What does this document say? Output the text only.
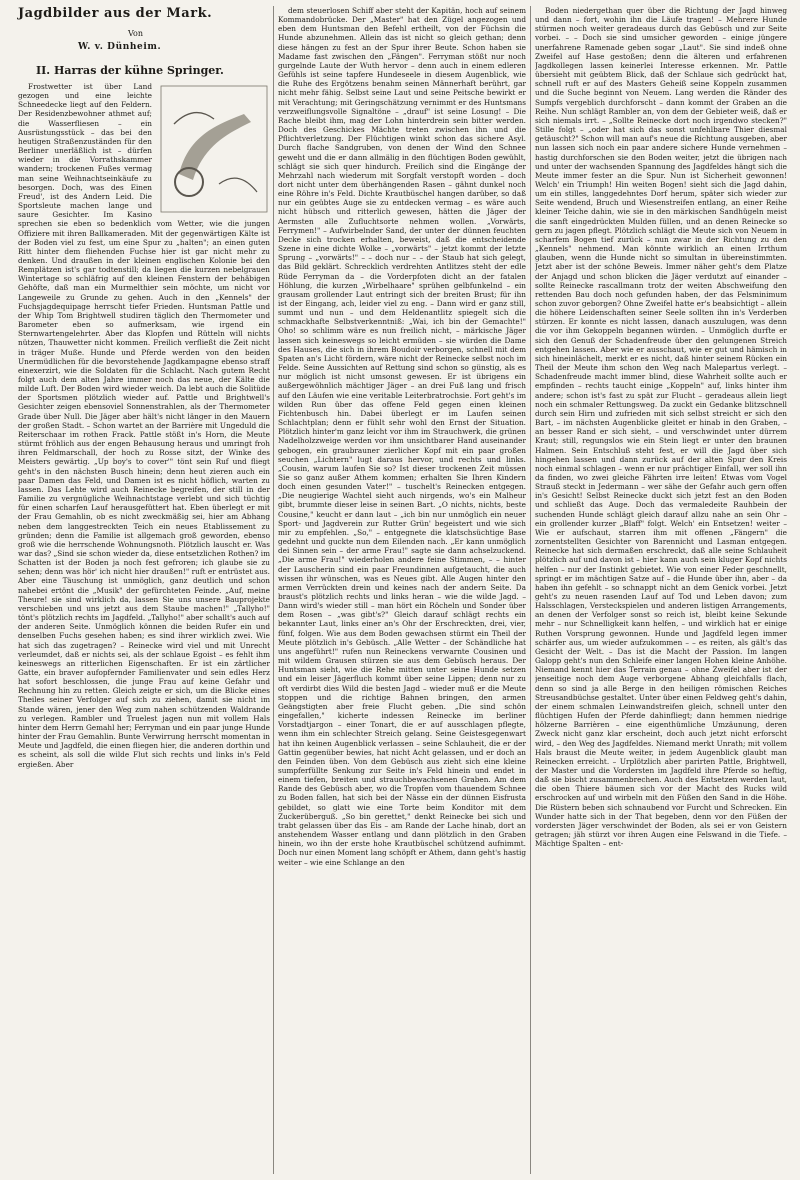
Jagdbilder aus der Mark.
Von
W. v. Dünheim.
II. Harras der kühne Springer.

Frostwetter ist über Land gezogen und eine leichte Schneedecke liegt auf den Feldern. Der Residenzbewohner athmet auf; die Wasserfliesen – ein Ausrüstungsstück – das bei den heutigen Straßenzuständen für den Berliner unerläßlich ist – dürfen wieder in die Vorrathskammer wandern; trockenen Fußes vermag man seine Weihnachtseinkäufe zu besorgen. Doch, was des Einen Freud', ist des Andern Leid. Die Sportsleute machen lange und saure Gesichter. Im Kasino sprechen sie eben so bedenklich vom Wetter, wie die jungen Offiziere mit ihren Ballkameraden. Mit der gegenwärtigen Kälte ist der Boden viel zu fest, um eine Spur zu „halten"; an einen guten Ritt hinter dem fliehenden Fuchse hier ist gar nicht mehr zu denken. Und draußen in der kleinen englischen Kolonie bei den Remplätzen ist's gar todtenstill; da liegen die kurzen nebelgrauen Wintertage so schläfrig auf den kleinen Fenstern der behäbigen Gehöfte, daß man ein Murmelthier sein möchte, um nicht vor Langeweile zu Grunde zu gehen. Auch in den „Kennels" der Fuchsjagdequipage herrscht tiefer Frieden. Huntsman Pattle und der Whip Tom Brightwell studiren täglich den Thermometer und Barometer eben so aufmerksam, wie irgend ein Sternwartengelehrter. Aber das Klopfen und Rütteln will nichts nützen, Thauwetter nicht kommen. Freilich verfließt die Zeit nicht in träger Muße. Hunde und Pferde werden von den beiden Unermüdlichen für die bevorstehende Jagdkampagne ebenso straff einexerzirt, wie die Soldaten für die Schlacht. Nach gutem Recht folgt auch dem alten Jahre immer noch das neue, der Kälte die milde Luft. Der Boden wird wieder weich. Da lebt auch die Solitüde der Sportsmen plötzlich wieder auf. Pattle und Brightwell's Gesichter zeigen ebensoviel Sonnenstrahlen, als der Thermometer Grade über Null. Die Jäger aber hält's nicht länger in den Mauern der großen Stadt. – Schon wartet an der Barrière mit Ungeduld die Reiterschaar im rothen Frack. Pattle stößt in's Horn, die Meute stürmt fröhlich aus der engen Behausung heraus und umringt froh ihren Feldmarschall, der hoch zu Rosse sitzt, der Winke des Meisters gewärtig. „Up boy's to cover'" tönt sein Ruf und fliegt geht's in den nächsten Busch hinein; denn heut zieren auch ein paar Damen das Feld, und Damen ist es nicht höflich, warten zu lassen. Das Lehte wird auch Reinecke begreifen, der still in der Familie zu vergnügliche Weihnachtstage verlebt und sich tüchtig für einen scharfen Lauf herausgefüttert hat. Eben überlegt er mit der Frau Gemahlin, ob es nicht zweckmäßig sei, hier am Abhang neben dem langgestreckten Teich ein neues Etablissement zu gründen; denn die Familie ist allgemach groß geworden, ebenso groß wie die herrschende Wohnungsnoth. Plötzlich lauscht er. Was war das? „Sind sie schon wieder da, diese entsetzlichen Rothen? im Schatten ist der Boden ja noch fest gefroren; ich glaube sie zu sehen; denn was hör' ich nicht hier draußen!" ruft er entrüstet aus. Aber eine Täuschung ist unmöglich, ganz deutlich und schon nahebei ertönt die „Musik" der gefürchteten Feinde. „Auf, meine Theure! sie sind wirklich da, lassen Sie uns unsere Bauprojekte verschieben und uns jetzt aus dem Staube machen!" „Tallyho!" tönt's plötzlich rechts im Jagdfeld. „Tallyho!" aber schallt's auch auf der anderen Seite. Unmöglich können die beiden Rufer ein und denselben Fuchs gesehen haben; es sind ihrer wirklich zwei. Wie hat sich das zugetragen? – Reinecke wird viel und mit Unrecht verleumdet, daß er nichts sei, als der schlaue Egoist – es fehlt ihm keineswegs an ritterlichen Eigenschaften. Er ist ein zärtlicher Gatte, ein braver aufopfernder Familienvater und sein edles Herz hat sofort beschlossen, die junge Frau auf keine Gefahr und Rechnung hin zu retten. Gleich zeigte er sich, um die Blicke eines Theiles seiner Verfolger auf sich zu ziehen, damit sie nicht im Stande wären, jener den Weg zum nahen schützenden Waldrande zu verlegen. Rambler und Truelest jagen nun mit vollem Hals hinter dem Herrn Gemahl her; Ferryman und ein paar junge Hunde hinter der Frau Gemahlin. Bunte Verwirrung herrscht momentan in Meute und Jagdfeld, die einen fliegen hier, die anderen dorthin und es scheint, als soll die wilde Flut sich rechts und links in's Feld ergießen. Aber

dem steuerlosen Schiff aber steht der Kapitän, hoch auf seinem Kommandobrücke. Der „Master" hat den Zügel angezogen und eben dem Huntsman den Befehl ertheilt, von der Füchsin die Hunde abzunehmen. Allein das ist nicht so gleich gethan; denn diese hängen zu fest an der Spur ihrer Beute. Schon haben sie Madame fast zwischen den „Fängen". Ferryman stößt nur noch gurgelnde Laute der Wuth hervor – denn auch in einem edleren Gefühls ist seine tapfere Hundeseele in diesem Augenblick, wie die Ruhe des Ergötzens benahm seinen Männerhaft berührt, gar nicht mehr fähig. Selbst seine Laut und seine Peitsche bewirkt er mit Verachtung; mit Geringschätzung vernimmt er des Huntsmans verzweiflungsvolle Signaltöne – „drauf" ist seine Losung! – Die Rache bleibt ihm, mag der Lohn hinterdrein sein bitter werden. Doch des Geschickes Mächte treten zwischen ihn und die Pflichtverletzung. Der Flüchtigen winkt schon das sichere Asyl. Durch flache Sandgruben, von denen der Wind den Schnee geweht und die er dann allmälig in den flüchtigen Boden gewühlt, schlägt sie sich quer hindurch. Freilich sind die Eingänge der Mehrzahl nach wiederum mit Sorgfalt verstopft worden – doch dort nicht unter dem überhängenden Rasen – gähnt dunkel noch eine Röhre in's Feld. Dichte Krautbüschel hangen darüber, so daß nur ein geübtes Auge sie zu entdecken vermag – es wäre auch nicht hübsch und ritterlich gewesen, hätten die Jäger der Aermsten alle Zufluchtsorte nehmen wollen. „Vorwärts, Ferrymen!" – Aufwirbelnder Sand, der unter der dünnen feuchten Decke sich trocken erhalten, beweist, daß die entscheidende Szene in eine dichte Wolke – „vorwärts" – jetzt kommt der letzte Sprung – „vorwärts!" – – doch nur – – der Staub hat sich gelegt, das Bild geklärt. Schrecklich verdrehten Antlitzes steht der edle Rüde Ferryman da – die Vorderpfoten dicht an der fatalen Höhlung, die kurzen „Wirbelhaare" sprühen gelbfunkelnd – ein grausam grollender Laut entringt sich der breiten Brust; für ihn ist der Eingang, ach, leider viel zu eng. – Dann wird er ganz still, summt und nun – und dem Heldenantlitz spiegelt sich die schmackhafte Selbstverkenntniß: „Wai, ich bin der Gemachte!" Oho! so schlimm wäre es nun freilich nicht, – märkische Jäger lassen sich keineswegs so leicht ermüden – sie würden die Dame des Hauses, die sich in ihrem Boudoir verborgen, schnell mit dem Spaten an's Licht fördern, wäre nicht der Reinecke selbst noch im Felde. Seine Aussichten auf Rettung sind schon so günstig, als es nur möglich ist nicht umsonst gewesen. Er ist übrigens ein außergewöhnlich mächtiger Jäger – an drei Fuß lang und frisch auf den Läufen wie eine veritable Leiterbratrochsie. Fort geht's im wilden Run über das offene Feld gegen einen kleinen Fichtenbusch hin. Dabei überlegt er im Laufen seinen Schlachtplan; denn er fühlt sehr wohl den Ernst der Situation. Plötzlich hinter'm ganz leicht vor ihm im Strauchwerk, die grünen Nadelholzzweige werden vor ihm unsichtbarer Hand auseinander gebogen, ein graubrauner zierlicher Kopf mit ein paar großen seuchen „Lichtern" lugt daraus hervor, und rechts und links. „Cousin, warum laufen Sie so? Ist dieser trockenen Zeit müssen Sie so ganz außer Athem kommen; erhalten Sie Ihren Kindern doch einen gesunden Vater!" – tuschelt's Reinecken entgegen. „Die neugierige Wachtel sieht auch nirgends, wo's ein Malheur gibt, brummte dieser leise in seinen Bart. „O nichts, nichts, beste Cousine," keucht er dann laut – „ich bin nur unmöglich ein neuer Sport- und Jagdverein zur Rutter Grün' begeistert und wie sich mir zu empfehlen. „So," – entgegnete die klatschsüchtige Base gedehnt und guckte nun dem Eilenden nach. „Er kann unmöglich dei Sinnen sein – der arme Frau!" sagte sie dann achselzuckend. „Die arme Frau!" wiederholen andere feine Stimmen, – – hinter der Lauscherin sind ein paar Freundinnen aufgetaucht, die auch wissen ihr wünschen, was es Neues gibt. Alle Augen hinter den armen Verrückten drein und keines nach der andern Seite. Da braust's plötzlich rechts und links heran – wie die wilde Jagd. – Dann wird's wieder still – man hört ein Röcheln und Sonder über dem Rosen – „was gibt's?" Gleich darauf schlägt rechts ein bekannter Laut, links einer an's Ohr der Erschreckten, drei, vier, fünf, folgen. Wie aus dem Boden gewachsen stürmt ein Theil der Meute plötzlich in's Gebüsch. „Alle Wetter – der Schändliche hat uns angeführt!" rufen nun Reineckens verwarnte Cousinen und mit wildem Grausen stürzen sie aus dem Gebüsch heraus. Der Huntsman sieht, wie die Rehe mitten unter seine Hunde setzen und ein leiser Jägerfluch kommt über seine Lippen; denn nur zu oft verdirbt dies Wild die besten Jagd – wieder muß er die Meute stoppen und die richtige Bahnen bringen, den armen Geängstigten aber freie Flucht geben. „Die sind schön eingefallen," kicherte indessen Reinecke im berliner Vorstadtjargon – einer Tonart, die er auf ausschlagen pflegte, wenn ihm ein schlechter Streich gelang. Seine Geistesgegenwart hat ihn keinen Augenblick verlassen – seine Schlauheit, die er der Gattin gegenüber bewies, hat nicht Acht gelassen, und er doch an den Feinden üben. Von dem Gebüsch aus zieht sich eine kleine sumpferfüllte Senkung zur Seite in's Feld hinein und endet in einem tiefen, breiten und strauchbewachsenen Graben. Am dem Rande des Gebüsch aber, wo die Tropfen vom thauendem Schnee zu Boden fallen, hat sich bei der Nässe ein der dünnen Eisfrusta gebildet, so glatt wie eine Torte beim Konditor mit dem Zuckerüberguß. „So bin gerettet," denkt Reinecke bei sich und trabt gelassen über das Eis – am Rande der Lache hinab, dort an anstehendem Wasser entlang und dann plötzlich in den Graben hinein, wo ihn der erste hohe Krautbüschel schützend aufnimmt. Doch nur einen Moment lang schöpft er Athem, dann geht's hastig weiter – wie eine Schlange an den

Boden niedergethan quer über die Richtung der Jagd hinweg und dann – fort, wohin ihn die Läufe tragen! – Mehrere Hunde stürmen noch weiter geradeaus durch das Gebüsch und zur Seite vorbei. – – Doch sie sind umsicher geworden – einige jüngere unerfahrene Ramenade geben sogar „Laut". Sie sind indeß ohne Zweifel auf Hase gestoßen; denn die älteren und erfahrenen Jagdkollegen lassen keinerlei Interesse erkennen. Mr. Pattle übersieht mit geübtem Blick, daß der Schlaue sich gedrückt hat, schnell ruft er auf des Masters Geheiß seine Koppeln zusammen und die Suche beginnt von Neuem. Lang werden die Ränder des Sumpfs vergeblich durchforscht – dann kommt der Graben an die Reihe. Nun schlägt Rambler an, von dem der Gebieter weiß, daß er sich niemals irrt. – „Sollte Reinecke dort noch irgendwo stecken?" Stille folgt – „oder hat sich das sonst unfehlbare Thier diesmal getäuscht?" Schon will man auf's neue die Richtung ausgeben, aber nun lassen sich noch ein paar andere sichere Hunde vernehmen – hastig durchforschen sie den Boden weiter, jetzt die übrigen nach und unter der wachsenden Spannung des Jagdfeldes hängt sich die Meute immer fester an die Spur. Nun ist Sicherheit gewonnen! Welch' ein Triumph! Hin weiten Bogen! sieht sich die Jagd dahin, um ein stilles, langgedehntes Dorf herum, später sich wieder zur Seite wendend, Bruch und Wiesenstreifen entlang, an einer Reihe kleiner Teiche dahin, wie sie in den märkischen Sandhügeln meist die sanft eingedrückten Mulden füllen, und an denen Reinecke so gern zu jagen pflegt. Plötzlich schlägt die Meute sich von Neuem in scharfem Bogen tief zurück – nun zwar in der Richtung zu den „Kennels" nehmend. Man könnte wirklich an einen Irrthum glauben, wenn die Hunde nicht so simultan in übereinstimmten. Jetzt aber ist der schöne Beweis. Immer näher geht's dem Platze der Anjagd und schon blicken die Jäger verdutzt auf einander – sollte Reinecke rascallmann trotz der weiten Abschweifung den rettenden Bau doch noch gefunden haben, der das Felsminimum schon zuvor geborgen? Ohne Zweifel hatte er's beabsichtigt – allein die höhere Leidenschaften seiner Seele sollten ihn in's Verderben stürzen. Er konnte es nicht lassen, danach auszulugen, was denn die vor ihm Gekoppeln begannen würden. – Unmöglich durfte er sich den Genuß der Schadenfreude über den gelungenen Streich entgehen lassen. Aber wie er ausschaut, wie er gut und hämisch in sich hineinlächelt, merkt er es nicht, daß hinter seinem Rücken ein Theil der Meute ihm schon den Weg nach Malepartus verlegt. – Schadenfreude macht immer blind, diese Wahrheit sollte auch er empfinden – rechts taucht einige „Koppeln" auf, links hinter ihm andere; schon ist's fast zu spät zur Flucht – geradeaus allein liegt noch ein schmaler Rettungsweg. Da zuckt ein Gedanke blitzschnell durch sein Hirn und zufrieden mit sich selbst streicht er sich den Bart, – im nächsten Augenblicke gleitet er hinab in den Graben, – an besser Rand er sich sieht, – und verschwindet unter dürrem Kraut; still, regungslos wie ein Stein liegt er unter den braunen Halmen. Sein Entschluß steht fest, er will die Jagd über sich hingehen lassen und dann zurück auf der alten Spur den Kreis noch einmal schlagen – wenn er nur prächtiger Einfall, wer soll ihn da finden, wo zwei gleiche Fährten irre leiten! Etwas vom Vogel Strauß steckt in Jedermann – wer sähe der Gefahr auch gern offen in's Gesicht! Selbst Reinecke duckt sich jetzt fest an den Boden und schließt das Auge. Doch das vermaledeite Rauhbein der suchenden Hunde schlägt gleich darauf allzu nahe an sein Ohr – ein grollender kurzer „Blaff" folgt. Welch' ein Entsetzen! weiter – Wie er aufschaut, starren ihm mit offenen „Fängern" die zornentstellten Gesichter von Barennicht und Lasman entgegen. Reinecke hat sich dermaßen erschreckt, daß alle seine Schlauheit plötzlich auf und davon ist – hier kann auch sein kluger Kopf nichts helfen – nur der Instinkt gebietet. Wie von einer Feder geschnellt, springt er im mächtigen Satze auf – die Hunde über ihn, aber – da haben ihn gefehlt – so schnappt nicht an dem Genick vorbei. Jetzt geht's zu neuen rasenden Lauf auf Tod und Leben davon; zum Halsschlagen, Versteckspielen und anderen listigen Arrangements, an denen der Verfolger sonst so reich ist, bleibt keine Sekunde mehr – nur Schnelligkeit kann helfen, – und wirklich hat er einige Ruthen Vorsprung gewonnen. Hunde und Jagdfeld legen immer schärfer aus, um wieder aufzukommen – – es reiten, als gält's das Gesicht der Welt. – Das ist die Macht der Passion. Im langen Galopp geht's nun den Schleife einer langen Hohen kleine Anhöhe. Niemand kennt hier das Terrain genau – ohne Zweifel aber ist der jenseitige noch dem Auge verborgene Abhang gleichfalls flach, denn so sind ja alle Berge in den heiligen römischen Reiches Streusandbüchse gestaltet. Unter über einen Feldweg geht's dahin, der einem schmalen Leinwandstreifen gleich, schnell unter den flüchtigen Hufen der Pferde dahinfliegt; dann hemmen niedrige hölzerne Barrièren – eine eigenthümliche Umzäunung, deren Zweck nicht ganz klar erscheint, doch auch jetzt nicht erforscht wird, – den Weg des Jagdfeldes. Niemand merkt Unrath; mit vollem Hals braust die Meute weiter, in jedem Augenblick glaubt man Reinecken erreicht. – Urplötzlich aber parirten Pattle, Brightwell, der Master und die Vordersten im Jagdfeld ihre Pferde so heftig, daß sie bischt zusammenbrechen. Auch des Entsetzen werden laut, die oben Thiere bäumen sich vor der Macht des Rucks wild erschrocken auf und wirbeln mit den Füßen den Sand in die Höhe. Die Rüstern beben sich schnaubend vor Furcht und Schrecken. Ein Wunder hatte sich in der That begeben, denn vor den Füßen der vordersten Jäger verschwindet der Boden, als sei er von Geistern getragen; jäh stürzt vor ihren Augen eine Felswand in die Tiefe. – Mächtige Spalten – ent-
